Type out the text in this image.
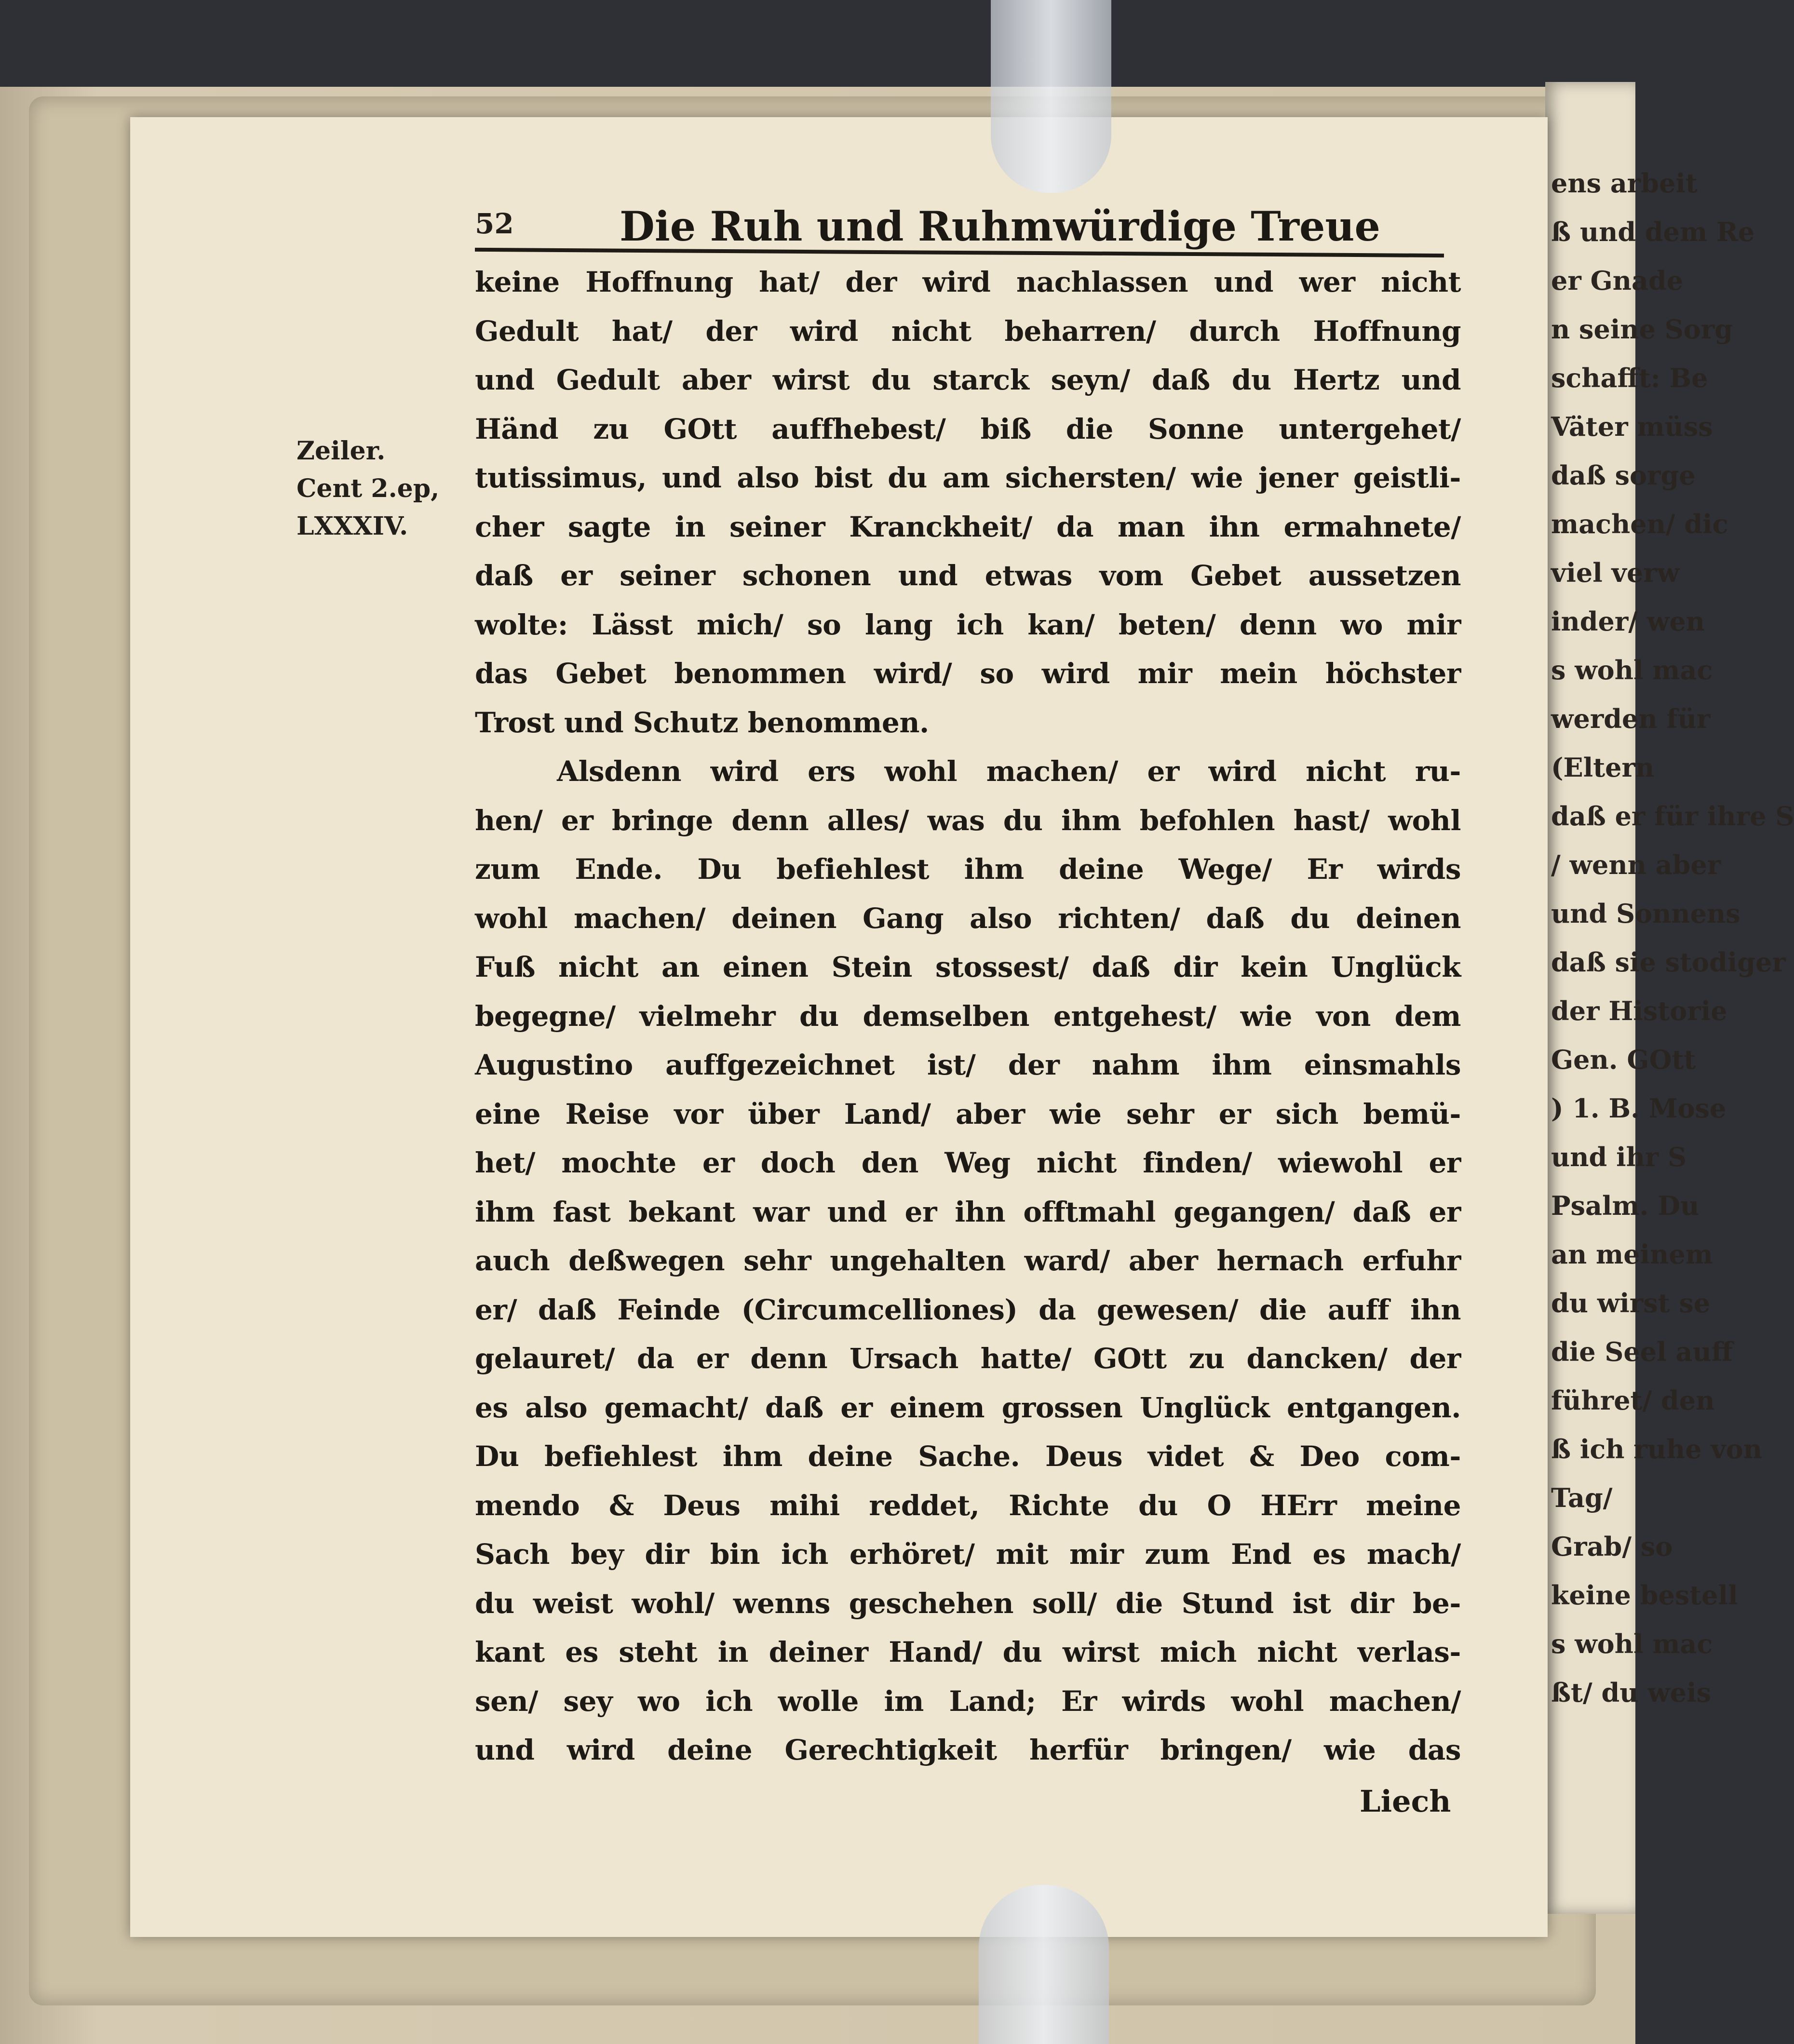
ens arbeit
ß und dem Re
er Gnade
n seine Sorg
schafft: Be
Väter müss
daß sorge
machen/ dic
viel verw
inder/ wen
s wohl mac
werden für
(Eltern
daß er für ihre S
/ wenn aber
und Sonnens
daß sie stodiger
der Historie
Gen. GOtt
) 1. B. Mose
und ihr S
Psalm. Du
an meinem
du wirst se
die Seel auff
führet/ den
ß ich ruhe von
Tag/
Grab/ so
keine bestell
s wohl mac
ßt/ du weis
52	Die Ruh und Ruhmwürdige Treue
Zeiler.
Cent 2.ep,
LXXXIV.
keine Hoffnung hat/ der wird nachlassen und wer nicht
Gedult hat/ der wird nicht beharren/ durch Hoffnung
und Gedult aber wirst du starck seyn/ daß du Hertz und
Händ zu GOtt auffhebest/ biß die Sonne untergehet/
tutissimus, und also bist du am sichersten/ wie jener geistli-
cher sagte in seiner Kranckheit/ da man ihn ermahnete/
daß er seiner schonen und etwas vom Gebet aussetzen
wolte: Lässt mich/ so lang ich kan/ beten/ denn wo mir
das Gebet benommen wird/ so wird mir mein höchster
Trost und Schutz benommen.
Alsdenn wird ers wohl machen/ er wird nicht ru-
hen/ er bringe denn alles/ was du ihm befohlen hast/ wohl
zum Ende. Du befiehlest ihm deine Wege/ Er wirds
wohl machen/ deinen Gang also richten/ daß du deinen
Fuß nicht an einen Stein stossest/ daß dir kein Unglück
begegne/ vielmehr du demselben entgehest/ wie von dem
Augustino auffgezeichnet ist/ der nahm ihm einsmahls
eine Reise vor über Land/ aber wie sehr er sich bemü-
het/ mochte er doch den Weg nicht finden/ wiewohl er
ihm fast bekant war und er ihn offtmahl gegangen/ daß er
auch deßwegen sehr ungehalten ward/ aber hernach erfuhr
er/ daß Feinde (Circumcelliones) da gewesen/ die auff ihn
gelauret/ da er denn Ursach hatte/ GOtt zu dancken/ der
es also gemacht/ daß er einem grossen Unglück entgangen.
Du befiehlest ihm deine Sache. Deus videt & Deo com-
mendo & Deus mihi reddet, Richte du O HErr meine
Sach bey dir bin ich erhöret/ mit mir zum End es mach/
du weist wohl/ wenns geschehen soll/ die Stund ist dir be-
kant es steht in deiner Hand/ du wirst mich nicht verlas-
sen/ sey wo ich wolle im Land; Er wirds wohl machen/
und wird deine Gerechtigkeit herfür bringen/ wie das
Liech
